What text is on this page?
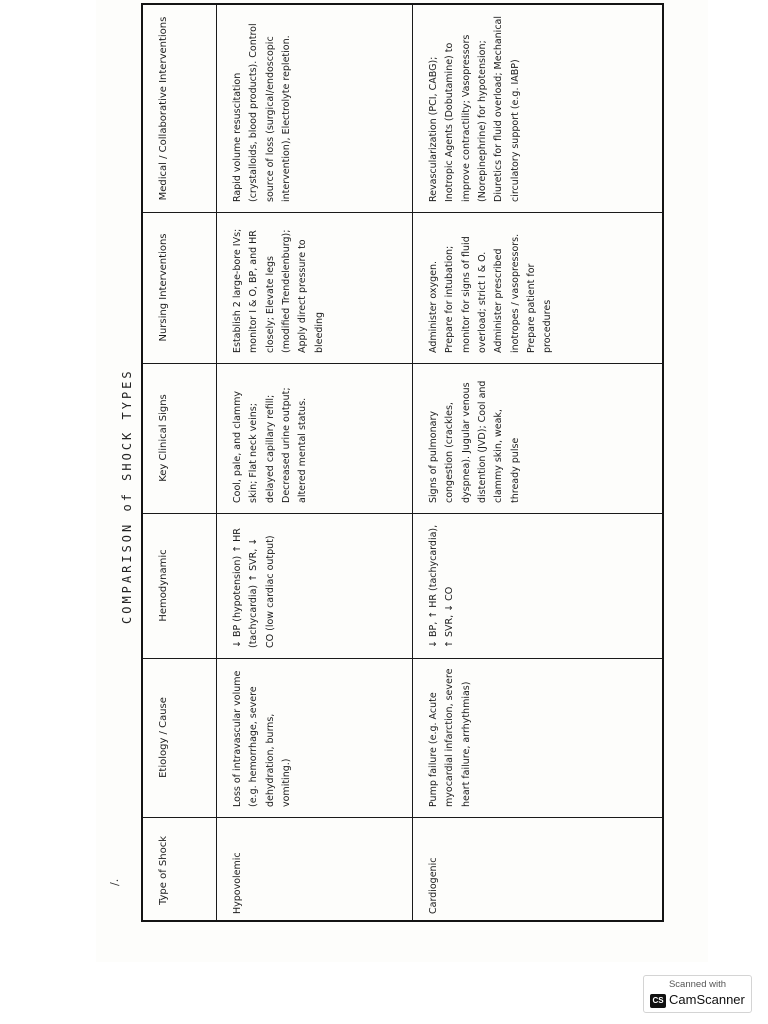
/.
COMPARISON of SHOCK TYPES
Type of Shock
Etiology / Cause
Hemodynamic
Key Clinical Signs
Nursing Interventions
Medical / Collaborative Interventions
Hypovolemic
Loss of intravascular volume (e.g. hemorrhage, severe dehydration, burns, vomiting.)
↓ BP (hypotension) ↑ HR (tachycardia) ↑ SVR, ↓ CO (low cardiac output)
Cool, pale, and clammy skin; Flat neck veins; delayed capillary refill; Decreased urine output; altered mental status.
Establish 2 large-bore IVs; monitor I & O, BP, and HR closely; Elevate legs (modified Trendelenburg); Apply direct pressure to bleeding
Rapid volume resuscitation (crystalloids, blood products). Control source of loss (surgical/endoscopic intervention), Electrolyte repletion.
Cardiogenic
Pump failure (e.g. Acute myocardial infarction, severe heart failure, arrhythmias)
↓ BP, ↑ HR (tachycardia), ↑ SVR, ↓ CO
Signs of pulmonary congestion (crackles, dyspnea). Jugular venous distention (JVD); Cool and clammy skin, weak, thready pulse
Administer oxygen. Prepare for intubation; monitor for signs of fluid overload; strict I & O. Administer prescribed inotropes / vasopressors. Prepare patient for procedures
Revascularization (PCI, CABG); Inotropic Agents (Dobutamine) to improve contractility; Vasopressors (Norepinephrine) for hypotension; Diuretics for fluid overload; Mechanical circulatory support (e.g. IABP)
Scanned with
CS CamScanner
